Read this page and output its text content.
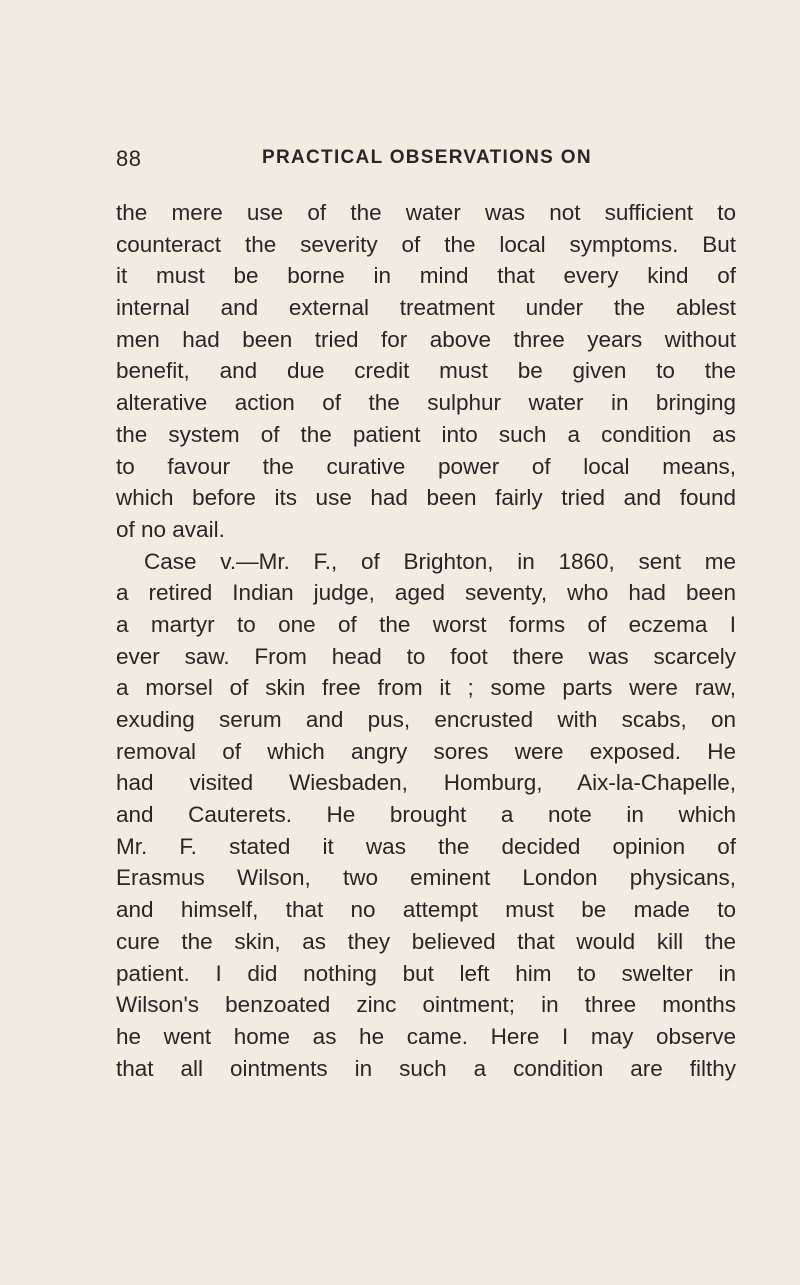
88	PRACTICAL OBSERVATIONS ON
the mere use of the water was not sufficient to
counteract the severity of the local symptoms. But
it must be borne in mind that every kind of
internal and external treatment under the ablest
men had been tried for above three years without
benefit, and due credit must be given to the
alterative action of the sulphur water in bringing
the system of the patient into such a condition as
to favour the curative power of local means,
which before its use had been fairly tried and found
of no avail.
Case v.—Mr. F., of Brighton, in 1860, sent me
a retired Indian judge, aged seventy, who had been
a martyr to one of the worst forms of eczema I
ever saw. From head to foot there was scarcely
a morsel of skin free from it ; some parts were raw,
exuding serum and pus, encrusted with scabs, on
removal of which angry sores were exposed. He
had visited Wiesbaden, Homburg, Aix-la-Chapelle,
and Cauterets. He brought a note in which
Mr. F. stated it was the decided opinion of
Erasmus Wilson, two eminent London physicans,
and himself, that no attempt must be made to
cure the skin, as they believed that would kill the
patient. I did nothing but left him to swelter in
Wilson's benzoated zinc ointment; in three months
he went home as he came. Here I may observe
that all ointments in such a condition are filthy
